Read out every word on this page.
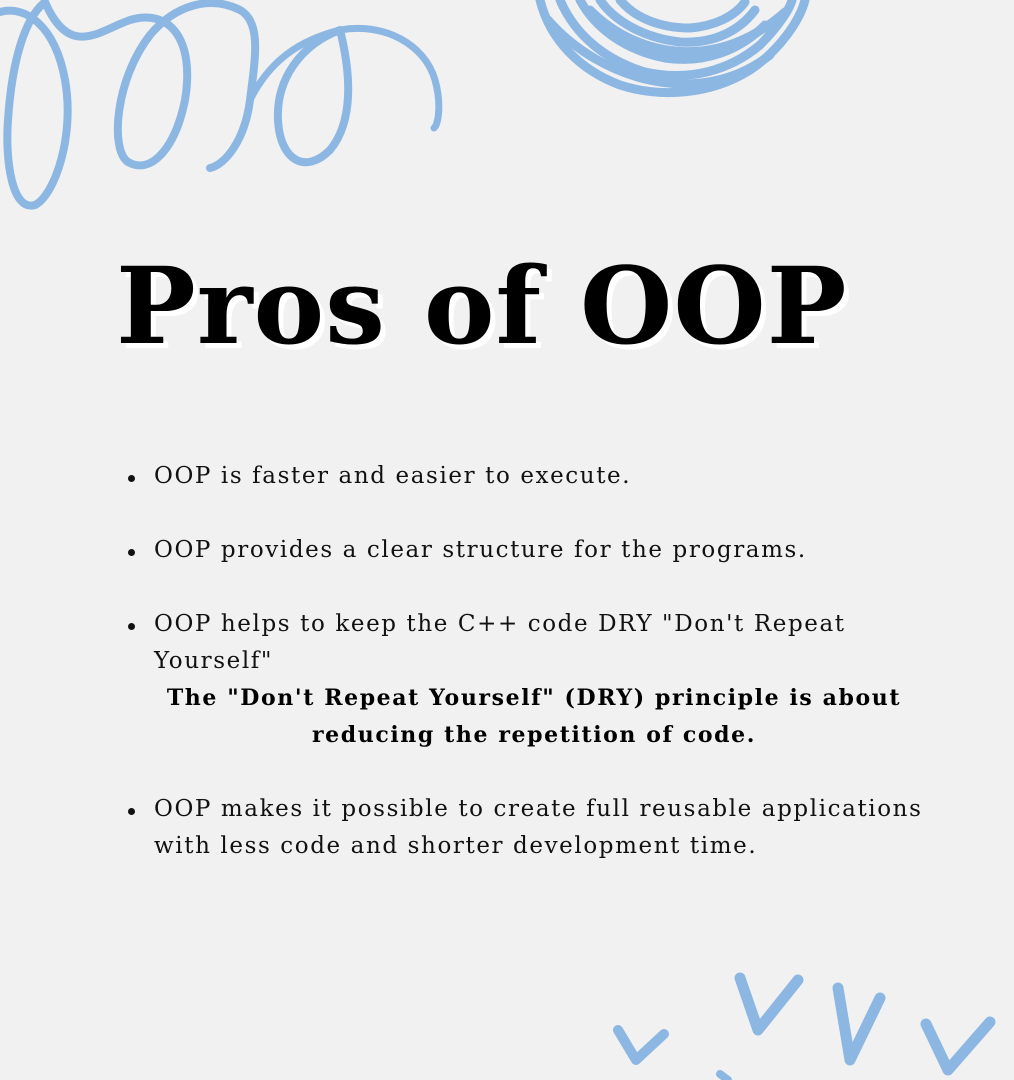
Pros of OOP
OOP is faster and easier to execute.
OOP provides a clear structure for the programs.
OOP helps to keep the C++ code DRY "Don't Repeat Yourself"
The "Don't Repeat Yourself" (DRY) principle is about reducing the repetition of code.
OOP makes it possible to create full reusable applications with less code and shorter development time.
